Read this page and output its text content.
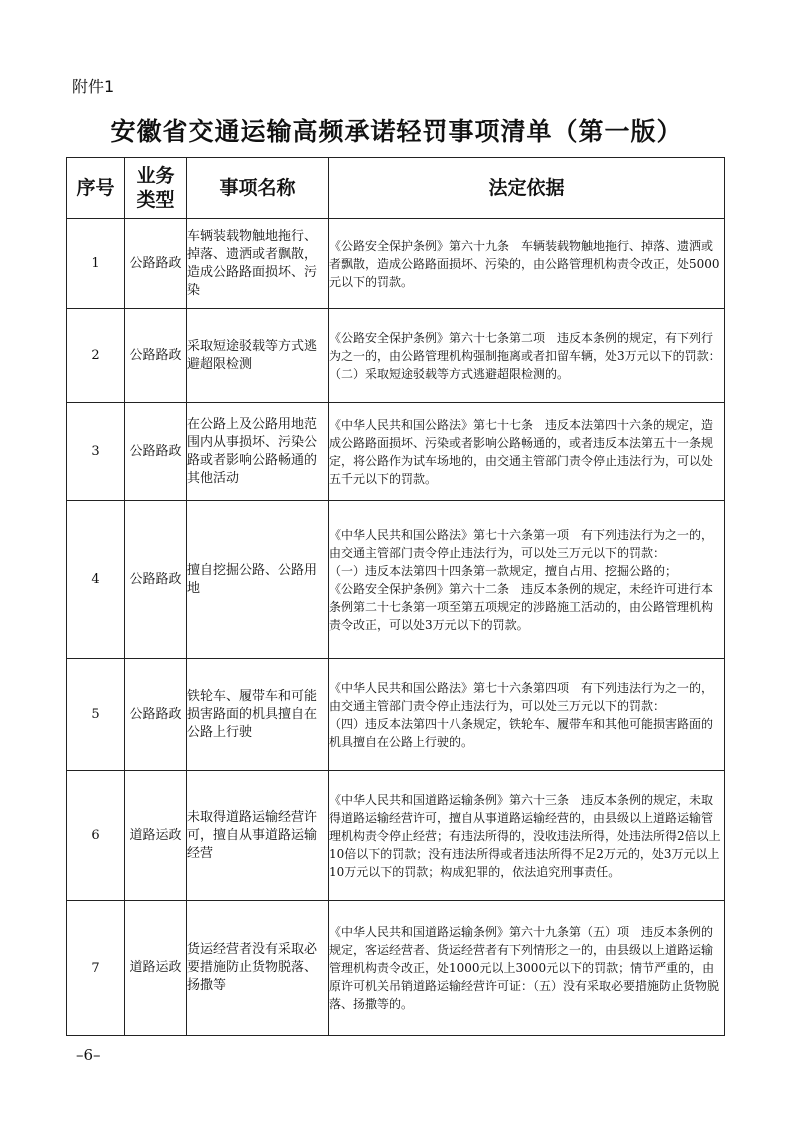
附件1
安徽省交通运输高频承诺轻罚事项清单（第一版）
序号	业务类型	事项名称	法定依据
1	公路路政	车辆装载物触地拖行、掉落、遗洒或者飘散，造成公路路面损坏、污染	《公路安全保护条例》第六十九条　车辆装载物触地拖行、掉落、遗洒或者飘散，造成公路路面损坏、污染的，由公路管理机构责令改正，处5000元以下的罚款。
2	公路路政	采取短途驳载等方式逃避超限检测	《公路安全保护条例》第六十七条第二项　违反本条例的规定，有下列行为之一的，由公路管理机构强制拖离或者扣留车辆，处3万元以下的罚款：
（二）采取短途驳载等方式逃避超限检测的。
3	公路路政	在公路上及公路用地范围内从事损坏、污染公路或者影响公路畅通的其他活动	《中华人民共和国公路法》第七十七条　违反本法第四十六条的规定，造成公路路面损坏、污染或者影响公路畅通的，或者违反本法第五十一条规定，将公路作为试车场地的，由交通主管部门责令停止违法行为，可以处五千元以下的罚款。
4	公路路政	擅自挖掘公路、公路用地	《中华人民共和国公路法》第七十六条第一项　有下列违法行为之一的，由交通主管部门责令停止违法行为，可以处三万元以下的罚款：
（一）违反本法第四十四条第一款规定，擅自占用、挖掘公路的；
《公路安全保护条例》第六十二条　违反本条例的规定，未经许可进行本条例第二十七条第一项至第五项规定的涉路施工活动的，由公路管理机构责令改正，可以处3万元以下的罚款。
5	公路路政	铁轮车、履带车和可能损害路面的机具擅自在公路上行驶	《中华人民共和国公路法》第七十六条第四项　有下列违法行为之一的，由交通主管部门责令停止违法行为，可以处三万元以下的罚款：
（四）违反本法第四十八条规定，铁轮车、履带车和其他可能损害路面的机具擅自在公路上行驶的。
6	道路运政	未取得道路运输经营许可，擅自从事道路运输经营	《中华人民共和国道路运输条例》第六十三条　违反本条例的规定，未取得道路运输经营许可，擅自从事道路运输经营的，由县级以上道路运输管理机构责令停止经营；有违法所得的，没收违法所得，处违法所得2倍以上10倍以下的罚款；没有违法所得或者违法所得不足2万元的，处3万元以上10万元以下的罚款；构成犯罪的，依法追究刑事责任。
7	道路运政	货运经营者没有采取必要措施防止货物脱落、扬撒等	《中华人民共和国道路运输条例》第六十九条第（五）项　违反本条例的规定，客运经营者、货运经营者有下列情形之一的，由县级以上道路运输管理机构责令改正，处1000元以上3000元以下的罚款；情节严重的，由原许可机关吊销道路运输经营许可证：（五）没有采取必要措施防止货物脱落、扬撒等的。
–6–
